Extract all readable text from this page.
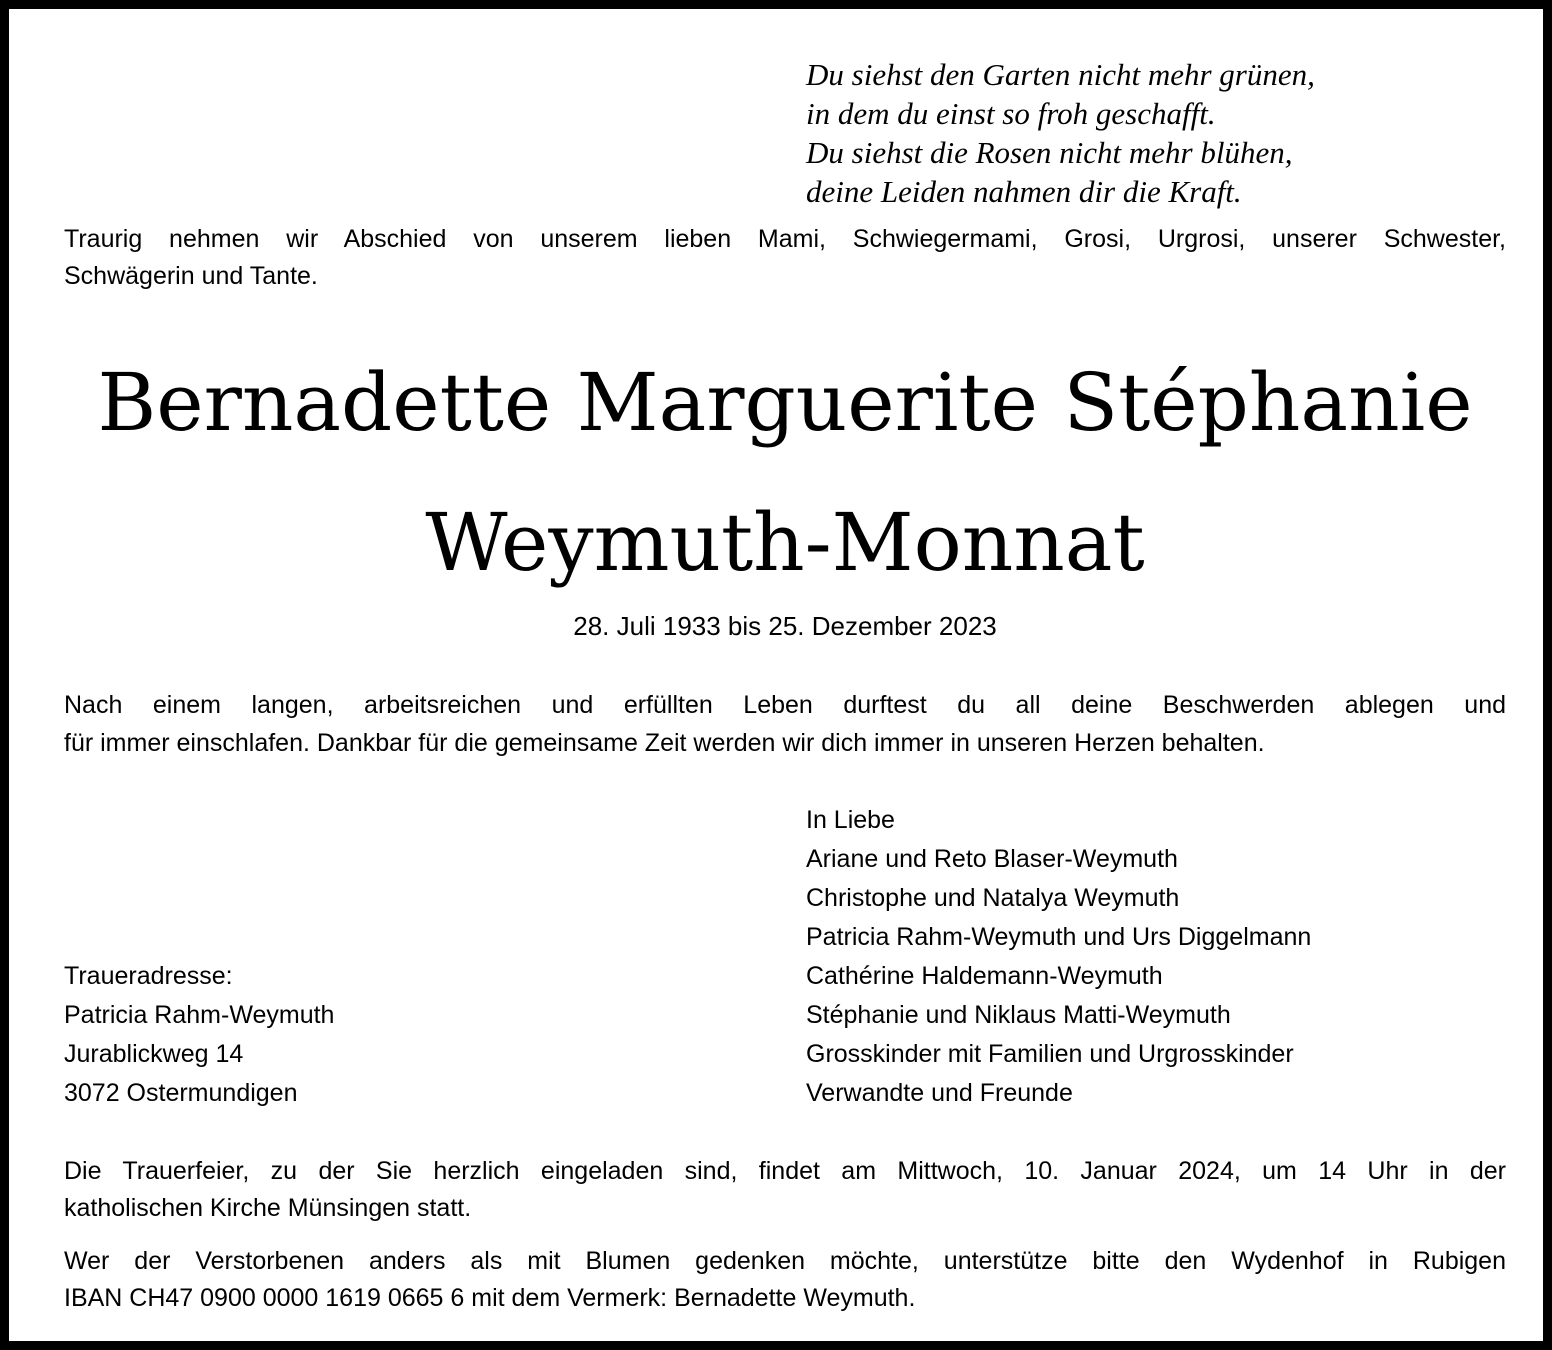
Du siehst den Garten nicht mehr grünen,
in dem du einst so froh geschafft.
Du siehst die Rosen nicht mehr blühen,
deine Leiden nahmen dir die Kraft.
Traurig nehmen wir Abschied von unserem lieben Mami, Schwiegermami, Grosi, Urgrosi, unserer Schwester,
Schwägerin und Tante.
Bernadette Marguerite Stéphanie
Weymuth-Monnat
28. Juli 1933 bis 25. Dezember 2023
Nach einem langen, arbeitsreichen und erfüllten Leben durftest du all deine Beschwerden ablegen und
für immer einschlafen. Dankbar für die gemeinsame Zeit werden wir dich immer in unseren Herzen behalten.
In Liebe
Ariane und Reto Blaser-Weymuth
Christophe und Natalya Weymuth
Patricia Rahm-Weymuth und Urs Diggelmann
Cathérine Haldemann-Weymuth
Stéphanie und Niklaus Matti-Weymuth
Grosskinder mit Familien und Urgrosskinder
Verwandte und Freunde
Traueradresse:
Patricia Rahm-Weymuth
Jurablickweg 14
3072 Ostermundigen
Die Trauerfeier, zu der Sie herzlich eingeladen sind, findet am Mittwoch, 10. Januar 2024, um 14 Uhr in der
katholischen Kirche Münsingen statt.
Wer der Verstorbenen anders als mit Blumen gedenken möchte, unterstütze bitte den Wydenhof in Rubigen
IBAN CH47 0900 0000 1619 0665 6 mit dem Vermerk: Bernadette Weymuth.
